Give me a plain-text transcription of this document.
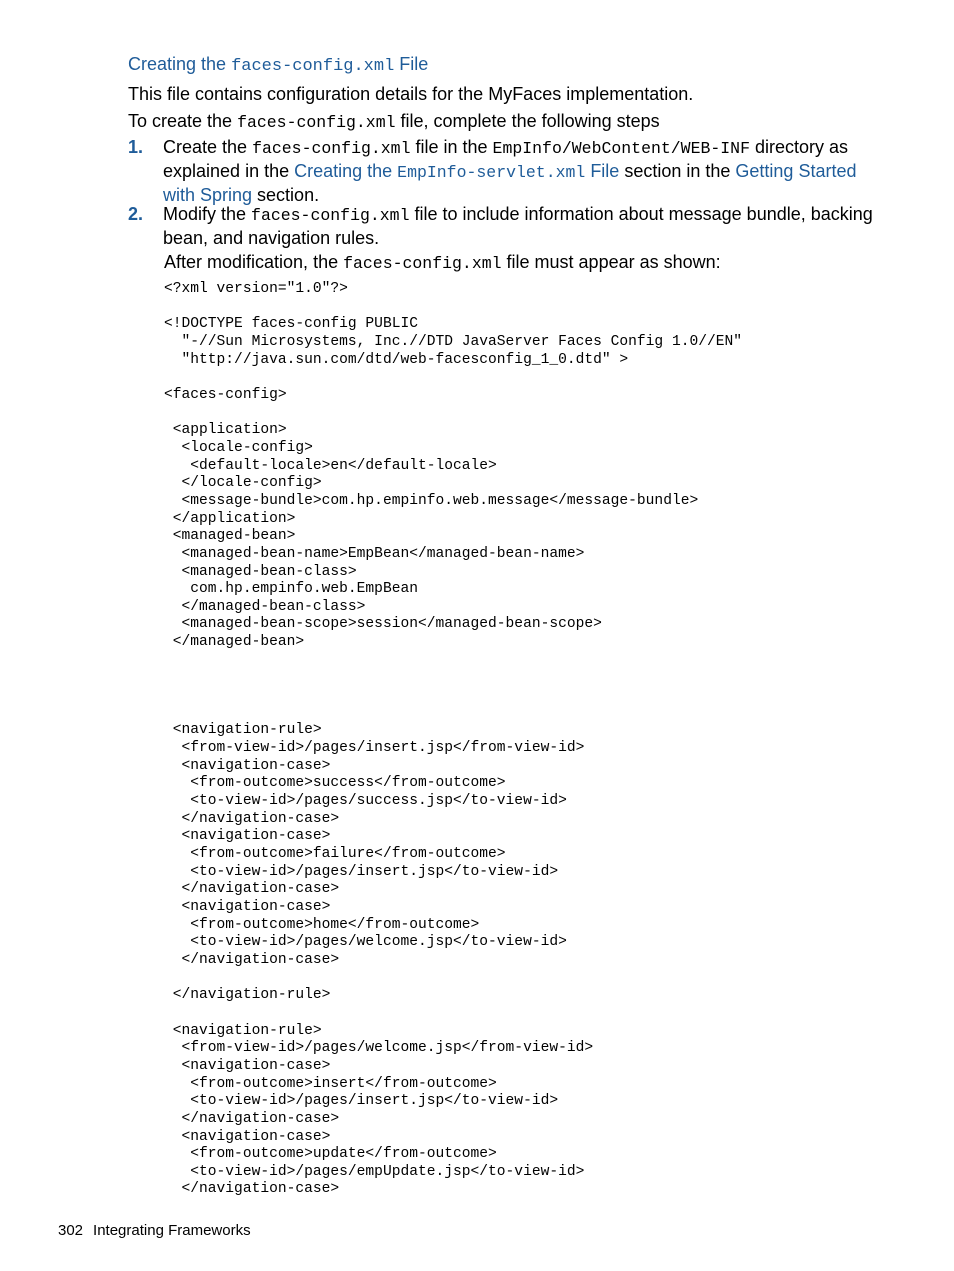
Creating the faces-config.xml File
This file contains configuration details for the MyFaces implementation.
To create the faces-config.xml file, complete the following steps
1. Create the faces-config.xml file in the EmpInfo/WebContent/WEB-INF directory as explained in the Creating the EmpInfo-servlet.xml File section in the Getting Started with Spring section.
2. Modify the faces-config.xml file to include information about message bundle, backing bean, and navigation rules.
After modification, the faces-config.xml file must appear as shown:
<?xml version="1.0"?>

<!DOCTYPE faces-config PUBLIC
"-//Sun Microsystems, Inc.//DTD JavaServer Faces Config 1.0//EN"
"http://java.sun.com/dtd/web-facesconfig_1_0.dtd" >

<faces-config>

<application>
<locale-config>
<default-locale>en</default-locale>
</locale-config>
<message-bundle>com.hp.empinfo.web.message</message-bundle>
</application>
<managed-bean>
<managed-bean-name>EmpBean</managed-bean-name>
<managed-bean-class>
com.hp.empinfo.web.EmpBean
</managed-bean-class>
<managed-bean-scope>session</managed-bean-scope>
</managed-bean>

<navigation-rule>
<from-view-id>/pages/insert.jsp</from-view-id>
<navigation-case>
<from-outcome>success</from-outcome>
<to-view-id>/pages/success.jsp</to-view-id>
</navigation-case>
<navigation-case>
<from-outcome>failure</from-outcome>
<to-view-id>/pages/insert.jsp</to-view-id>
</navigation-case>
<navigation-case>
<from-outcome>home</from-outcome>
<to-view-id>/pages/welcome.jsp</to-view-id>
</navigation-case>

</navigation-rule>

<navigation-rule>
<from-view-id>/pages/welcome.jsp</from-view-id>
<navigation-case>
<from-outcome>insert</from-outcome>
<to-view-id>/pages/insert.jsp</to-view-id>
</navigation-case>
<navigation-case>
<from-outcome>update</from-outcome>
<to-view-id>/pages/empUpdate.jsp</to-view-id>
</navigation-case>
302 Integrating Frameworks
